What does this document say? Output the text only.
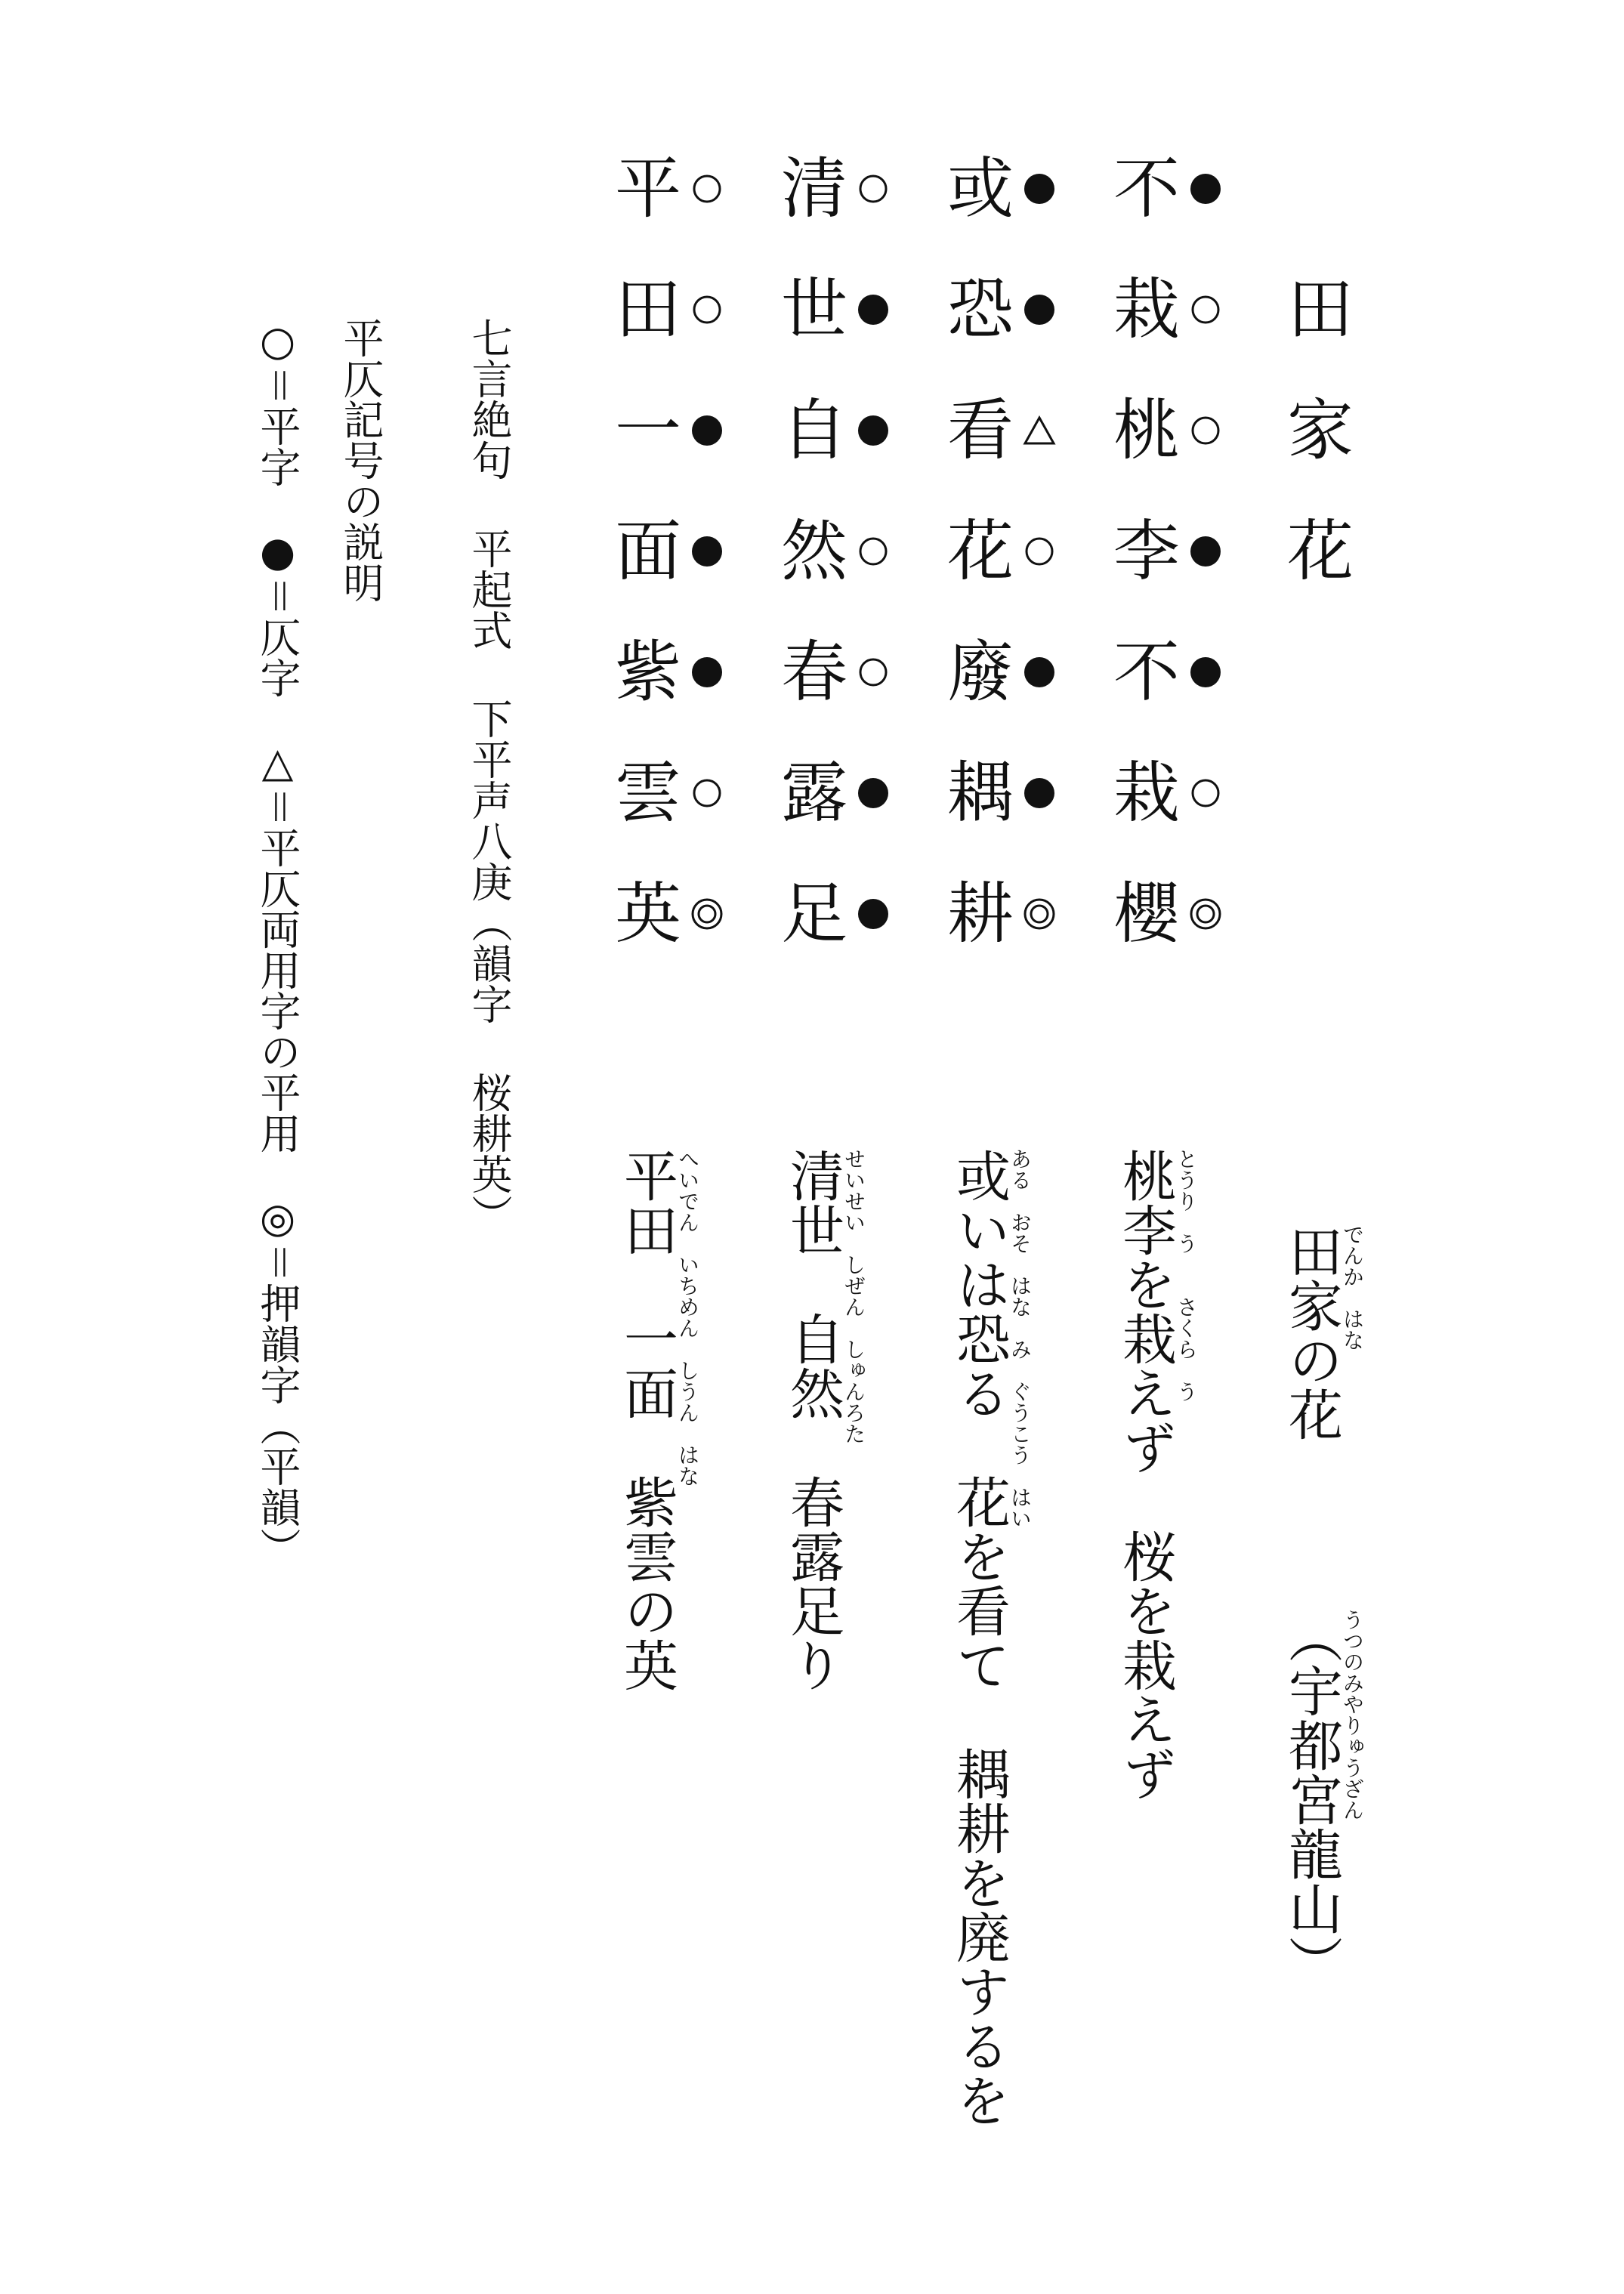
田
家
花
不
栽
桃
李
不
栽
櫻
或
恐
看
花
廢
耦
耕
清
世
自
然
春
露
足
平
田
一
面
紫
雲
英
七言絶句 平起式 下平声八庚（韻字 桜耕英）
平仄記号の説明
○＝平字　●＝仄字　△＝平仄両用字の平用　◎＝押韻字（平韻）	田家の花
でんか　はな
（宇都宮龍山）
うつのみやりゅうざん
桃李を栽えず　桜を栽えず
とうり　う　　さくら　う
或いは恐る　花を看て　耦耕を廃するを
ある　おそ　はな　み　ぐうこう　はい
清世　自然　春露足り
せいせい　しぜん　しゅんろた
平田　一面　紫雲の英
へいでん　いちめん　しうん　はな
